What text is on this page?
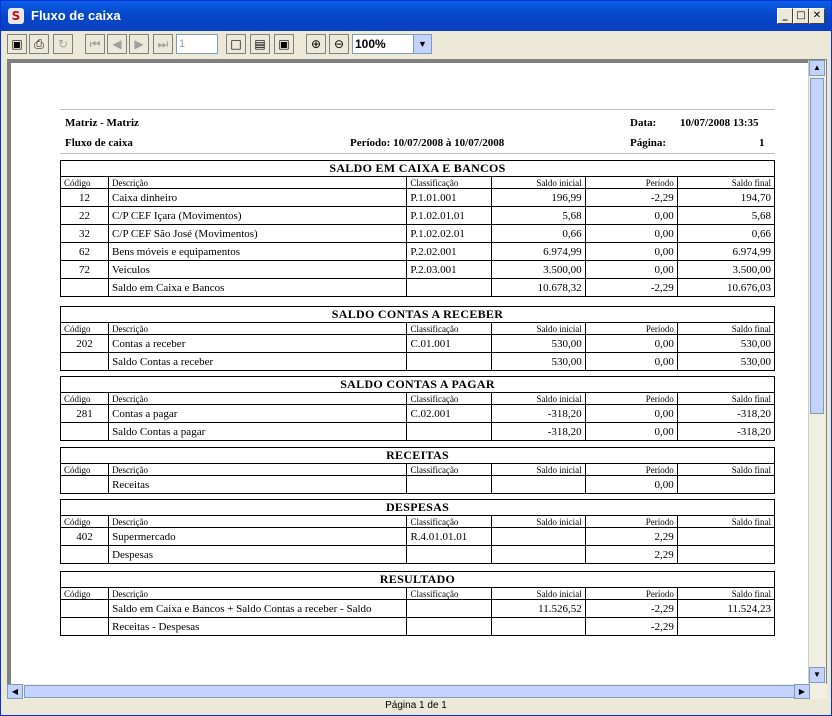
S Fluxo de caixa	_ □ ✕
▣ ⎙	↻	⏮ ◀	▶	⏭ 1	□	▤	▣	⊕	⊖ 100%	▼
Matriz - Matriz	Data: 10/07/2008 13:35
Fluxo de caixa	Período: 10/07/2008 à 10/07/2008	Página:	1
SALDO EM CAIXA E BANCOS					
Código	Descrição	Classificação	Saldo inicial	Período	Saldo final
12	Caixa dinheiro	P.1.01.001	196,99	-2,29	194,70
22	C/P CEF Içara (Movimentos)	P.1.02.01.01	5,68	0,00	5,68
32	C/P CEF São José (Movimentos)	P.1.02.02.01	0,66	0,00	0,66
62	Bens móveis e equipamentos	P.2.02.001	6.974,99	0,00	6.974,99
72	Veiculos	P.2.03.001	3.500,00	0,00	3.500,00
	Saldo em Caixa e Bancos		10.678,32	-2,29	10.676,03
SALDO CONTAS A RECEBER					
Código	Descrição	Classificação	Saldo inicial	Período	Saldo final
202	Contas a receber	C.01.001	530,00	0,00	530,00
	Saldo Contas a receber		530,00	0,00	530,00
SALDO CONTAS A PAGAR					
Código	Descrição	Classificação	Saldo inicial	Período	Saldo final
281	Contas a pagar	C.02.001	-318,20	0,00	-318,20
	Saldo Contas a pagar		-318,20	0,00	-318,20
RECEITAS					
Código	Descrição	Classificação	Saldo inicial	Período	Saldo final
	Receitas			0,00	
DESPESAS					
Código	Descrição	Classificação	Saldo inicial	Período	Saldo final
402	Supermercado	R.4.01.01.01		2,29	
	Despesas			2,29	
RESULTADO					
Código	Descrição	Classificação	Saldo inicial	Período	Saldo final
	Saldo em Caixa e Bancos + Saldo Contas a receber - Saldo		11.526,52	-2,29	11.524,23
	Receitas - Despesas			-2,29	
▲
▼
◀	▶
Página 1 de 1
